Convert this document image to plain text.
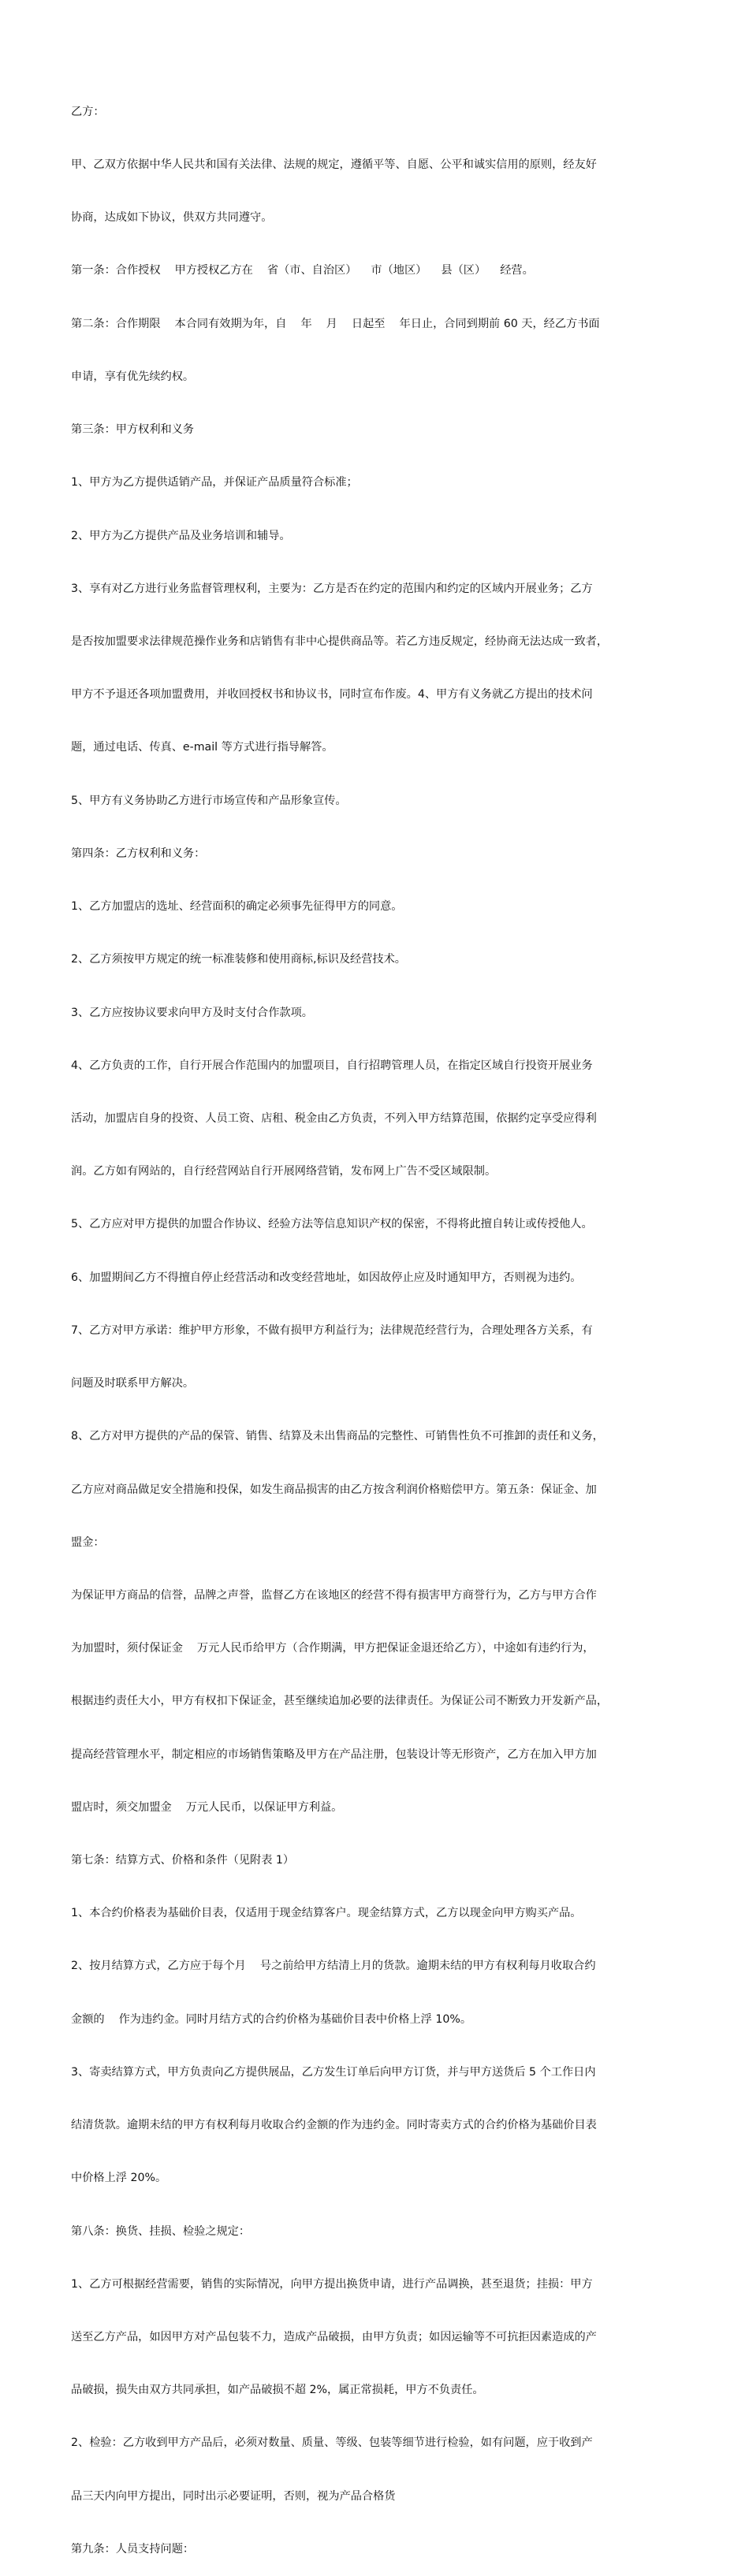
乙方：

甲、乙双方依据中华人民共和国有关法律、法规的规定，遵循平等、自愿、公平和诚实信用的原则，经友好

协商，达成如下协议，供双方共同遵守。

第一条：合作授权    甲方授权乙方在    省（市、自治区）    市（地区）    县（区）    经营。

第二条：合作期限    本合同有效期为年，自    年    月    日起至    年日止，合同到期前 60 天，经乙方书面

申请，享有优先续约权。

第三条：甲方权利和义务

1、甲方为乙方提供适销产品，并保证产品质量符合标准；

2、甲方为乙方提供产品及业务培训和辅导。

3、享有对乙方进行业务监督管理权利，主要为：乙方是否在约定的范围内和约定的区域内开展业务；乙方

是否按加盟要求法律规范操作业务和店销售有非中心提供商品等。若乙方违反规定，经协商无法达成一致者，

甲方不予退还各项加盟费用，并收回授权书和协议书，同时宣布作废。4、甲方有义务就乙方提出的技术问

题，通过电话、传真、e-mail 等方式进行指导解答。

5、甲方有义务协助乙方进行市场宣传和产品形象宣传。

第四条：乙方权利和义务：

1、乙方加盟店的选址、经营面积的确定必须事先征得甲方的同意。

2、乙方须按甲方规定的统一标准装修和使用商标,标识及经营技术。

3、乙方应按协议要求向甲方及时支付合作款项。

4、乙方负责的工作，自行开展合作范围内的加盟项目，自行招聘管理人员，在指定区域自行投资开展业务

活动，加盟店自身的投资、人员工资、店租、税金由乙方负责，不列入甲方结算范围，依据约定享受应得利

润。乙方如有网站的，自行经营网站自行开展网络营销，发布网上广告不受区域限制。

5、乙方应对甲方提供的加盟合作协议、经验方法等信息知识产权的保密，不得将此擅自转让或传授他人。

6、加盟期间乙方不得擅自停止经营活动和改变经营地址，如因故停止应及时通知甲方，否则视为违约。

7、乙方对甲方承诺：维护甲方形象，不做有损甲方利益行为；法律规范经营行为，合理处理各方关系，有

问题及时联系甲方解决。

8、乙方对甲方提供的产品的保管、销售、结算及未出售商品的完整性、可销售性负不可推卸的责任和义务，

乙方应对商品做足安全措施和投保，如发生商品损害的由乙方按含利润价格赔偿甲方。第五条：保证金、加

盟金：

为保证甲方商品的信誉，品牌之声誉，监督乙方在该地区的经营不得有损害甲方商誉行为，乙方与甲方合作

为加盟时，须付保证金    万元人民币给甲方（合作期满，甲方把保证金退还给乙方），中途如有违约行为，

根据违约责任大小，甲方有权扣下保证金，甚至继续追加必要的法律责任。为保证公司不断致力开发新产品，

提高经营管理水平，制定相应的市场销售策略及甲方在产品注册，包装设计等无形资产，乙方在加入甲方加

盟店时，须交加盟金    万元人民币，以保证甲方利益。

第七条：结算方式、价格和条件（见附表 1）

1、本合约价格表为基础价目表，仅适用于现金结算客户。现金结算方式，乙方以现金向甲方购买产品。

2、按月结算方式，乙方应于每个月    号之前给甲方结清上月的货款。逾期未结的甲方有权利每月收取合约

金额的    作为违约金。同时月结方式的合约价格为基础价目表中价格上浮 10%。

3、寄卖结算方式，甲方负责向乙方提供展品，乙方发生订单后向甲方订货，并与甲方送货后 5 个工作日内

结清货款。逾期未结的甲方有权利每月收取合约金额的作为违约金。同时寄卖方式的合约价格为基础价目表

中价格上浮 20%。

第八条：换货、挂损、检验之规定：

1、乙方可根据经营需要，销售的实际情况，向甲方提出换货申请，进行产品调换，甚至退货；挂损：甲方

送至乙方产品，如因甲方对产品包装不力，造成产品破损，由甲方负责；如因运输等不可抗拒因素造成的产

品破损，损失由双方共同承担，如产品破损不超 2%，属正常损耗，甲方不负责任。

2、检验：乙方收到甲方产品后，必须对数量、质量、等级、包装等细节进行检验，如有问题，应于收到产

品三天内向甲方提出，同时出示必要证明，否则，视为产品合格货

第九条：人员支持问题：
